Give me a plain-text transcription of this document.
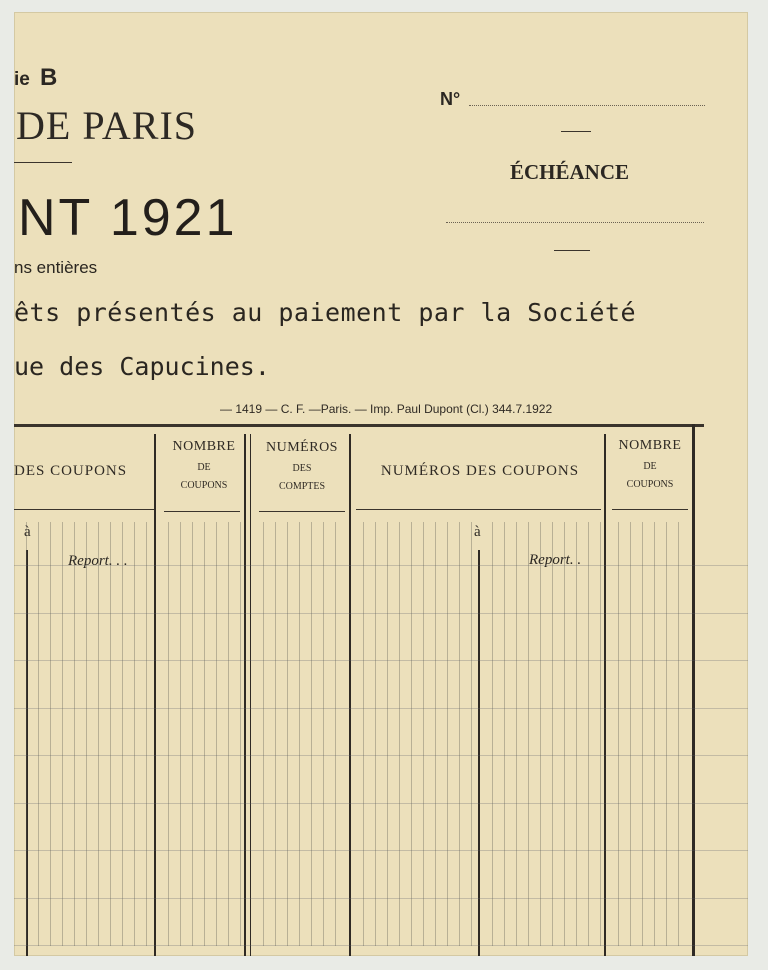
ie B
DE PARIS
NT 1921
ns entières
êts présentés au paiement par la Société
ue des Capucines.
N°
ÉCHÉANCE
— 1419 — C. F. —Paris. — Imp. Paul Dupont (Cl.) 344.7.1922
DES COUPONS
NOMBRE
DE
COUPONS
NUMÉROS
DES
COMPTES
NUMÉROS DES COUPONS
NOMBRE
DE
COUPONS
à	à
Report. . .	Report. .
